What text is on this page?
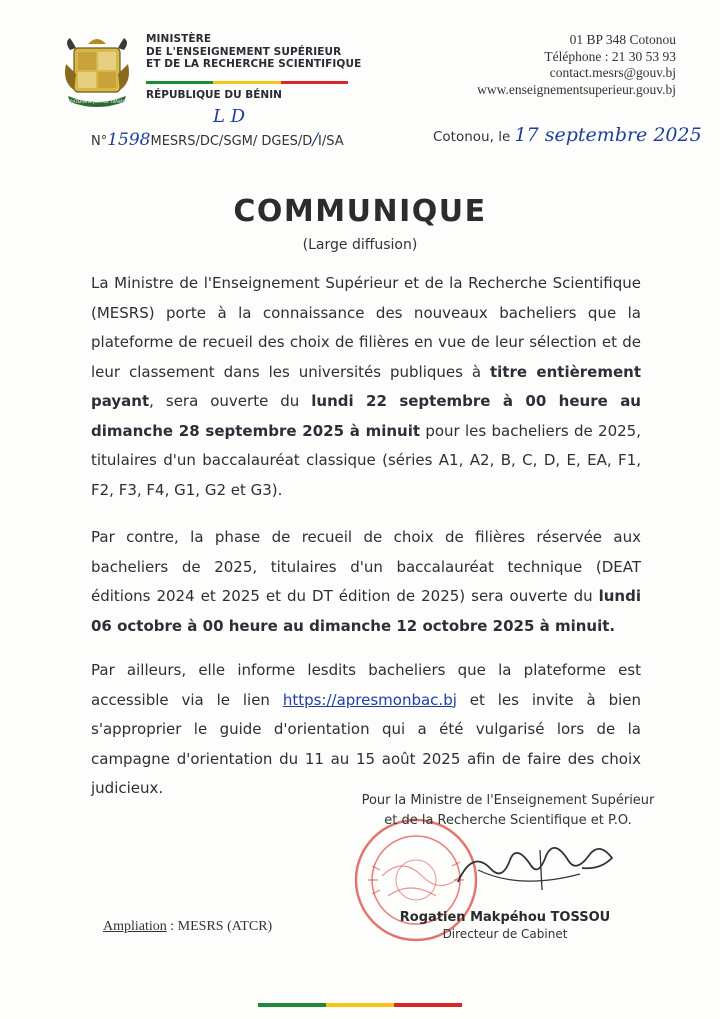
FRATERNITÉ JUSTICE TRAVAIL
MINISTÈRE
DE L'ENSEIGNEMENT SUPÉRIEUR
ET DE LA RECHERCHE SCIENTIFIQUE
RÉPUBLIQUE DU BÉNIN
01 BP 348 Cotonou
Téléphone : 21 30 53 93
contact.mesrs@gouv.bj
www.enseignementsuperieur.gouv.bj
L D
N°1598MESRS/DC/SGM/ DGES/D/I/SA	Cotonou, le 17 septembre 2025
COMMUNIQUE
(Large diffusion)
La Ministre de l'Enseignement Supérieur et de la Recherche Scientifique (MESRS) porte à la connaissance des nouveaux bacheliers que la plateforme de recueil des choix de filières en vue de leur sélection et de leur classement dans les universités publiques à titre entièrement payant, sera ouverte du lundi 22 septembre à 00 heure au dimanche 28 septembre 2025 à minuit pour les bacheliers de 2025, titulaires d'un baccalauréat classique (séries A1, A2, B, C, D, E, EA, F1, F2, F3, F4, G1, G2 et G3).
Par contre, la phase de recueil de choix de filières réservée aux bacheliers de 2025, titulaires d'un baccalauréat technique (DEAT éditions 2024 et 2025 et du DT édition de 2025) sera ouverte du lundi 06 octobre à 00 heure au dimanche 12 octobre 2025 à minuit.
Par ailleurs, elle informe lesdits bacheliers que la plateforme est accessible via le lien https://apresmonbac.bj et les invite à bien s'approprier le guide d'orientation qui a été vulgarisé lors de la campagne d'orientation du 11 au 15 août 2025 afin de faire des choix judicieux.
Pour la Ministre de l'Enseignement Supérieur
et de la Recherche Scientifique et P.O.
Rogatien Makpéhou TOSSOU
Directeur de Cabinet
Ampliation : MESRS (ATCR)
